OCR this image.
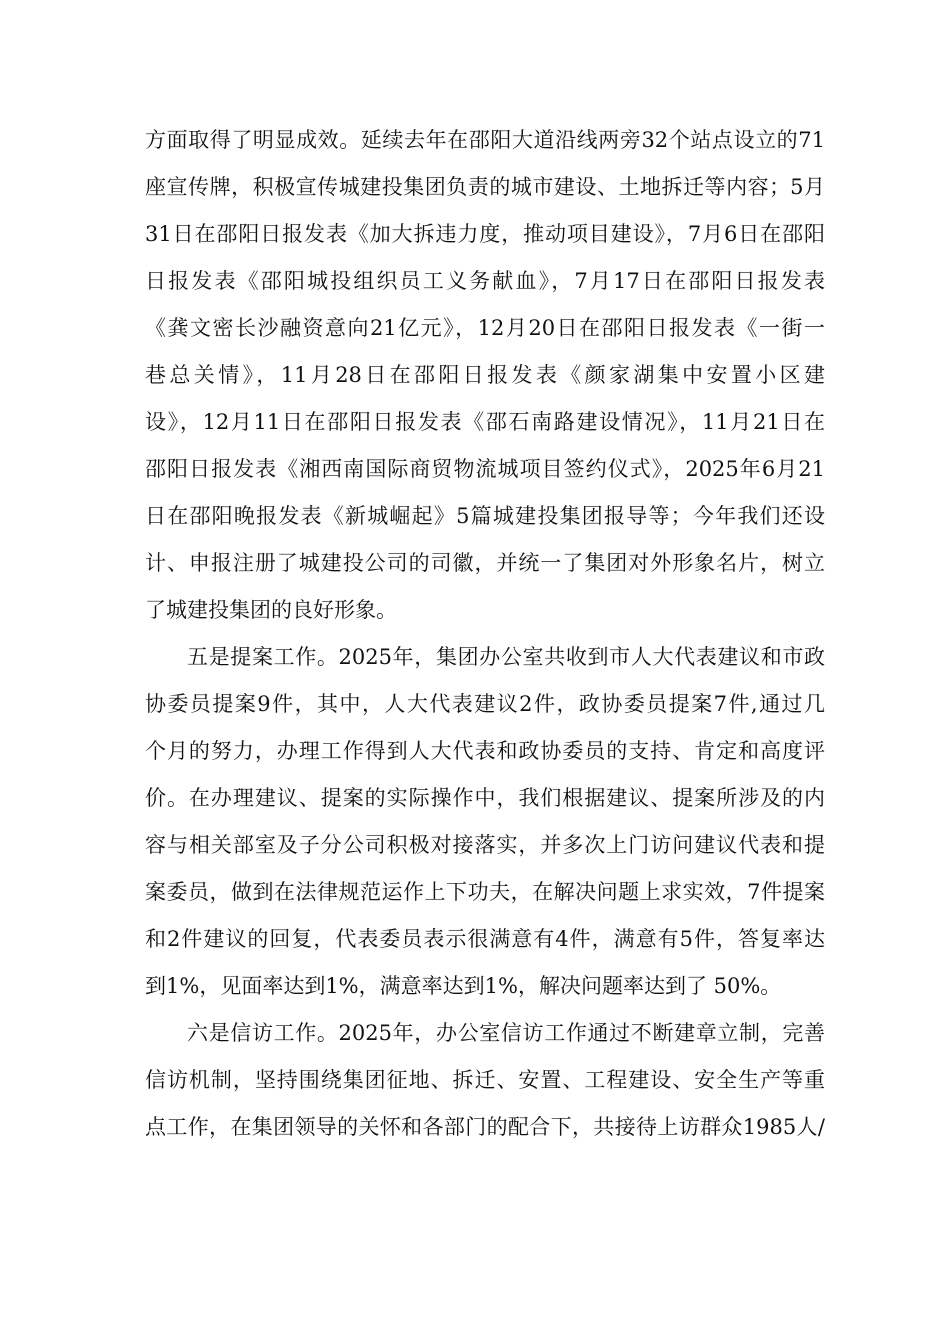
方面取得了明显成效。延续去年在邵阳大道沿线两旁32个站点设立的71
座宣传牌，积极宣传城建投集团负责的城市建设、土地拆迁等内容；5月
31日在邵阳日报发表《加大拆违力度，推动项目建设》，7月6日在邵阳
日报发表《邵阳城投组织员工义务献血》，7月17日在邵阳日报发表
《龚文密长沙融资意向21亿元》，12月20日在邵阳日报发表《一街一
巷总关情》，11月28日在邵阳日报发表《颜家湖集中安置小区建
设》，12月11日在邵阳日报发表《邵石南路建设情况》，11月21日在
邵阳日报发表《湘西南国际商贸物流城项目签约仪式》，2025年6月21
日在邵阳晚报发表《新城崛起》5篇城建投集团报导等；今年我们还设
计、申报注册了城建投公司的司徽，并统一了集团对外形象名片，树立
了城建投集团的良好形象。
五是提案工作。2025年，集团办公室共收到市人大代表建议和市政
协委员提案9件，其中，人大代表建议2件，政协委员提案7件,通过几
个月的努力，办理工作得到人大代表和政协委员的支持、肯定和高度评
价。在办理建议、提案的实际操作中，我们根据建议、提案所涉及的内
容与相关部室及子分公司积极对接落实，并多次上门访问建议代表和提
案委员，做到在法律规范运作上下功夫，在解决问题上求实效，7件提案
和2件建议的回复，代表委员表示很满意有4件，满意有5件，答复率达
到1%，见面率达到1%，满意率达到1%，解决问题率达到了 50%。
六是信访工作。2025年，办公室信访工作通过不断建章立制，完善
信访机制，坚持围绕集团征地、拆迁、安置、工程建设、安全生产等重
点工作，在集团领导的关怀和各部门的配合下，共接待上访群众1985人/
